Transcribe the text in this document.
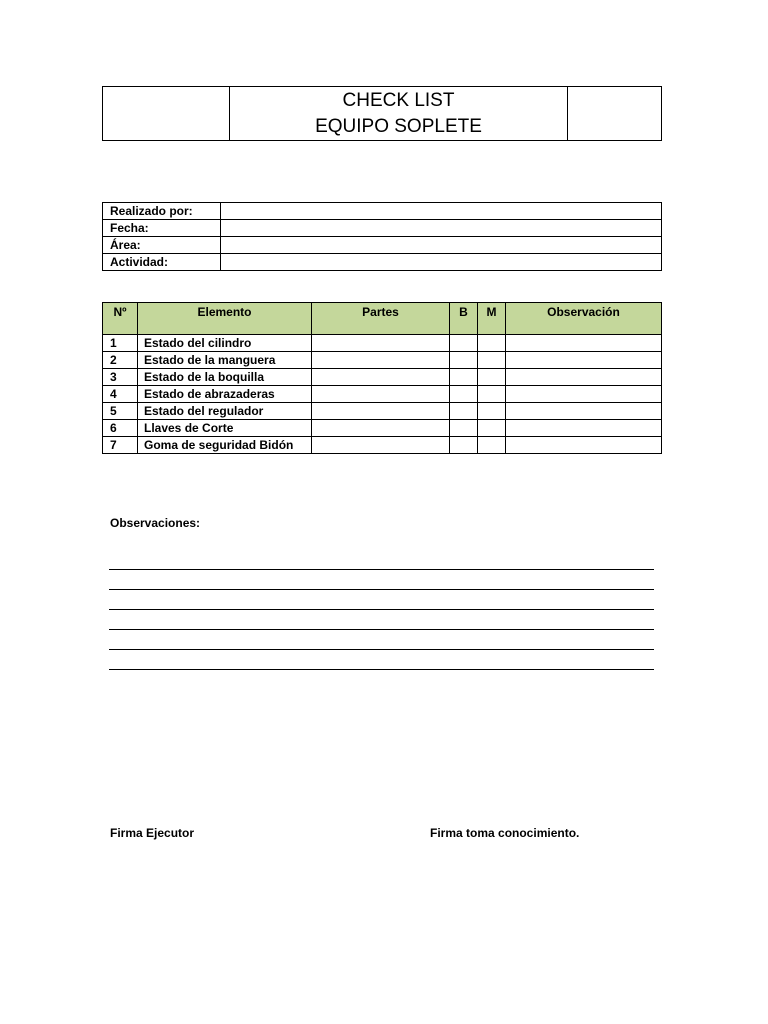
CHECK LIST
EQUIPO SOPLETE

Realizado por:	
Fecha:	
Área:	
Actividad:	
Nº	Elemento	Partes	B	M	Observación
1	Estado del cilindro				
2	Estado de la manguera				
3	Estado de la boquilla				
4	Estado de abrazaderas				
5	Estado del regulador				
6	Llaves de Corte				
7	Goma de seguridad Bidón				
Observaciones:
Firma Ejecutor	Firma toma conocimiento.
